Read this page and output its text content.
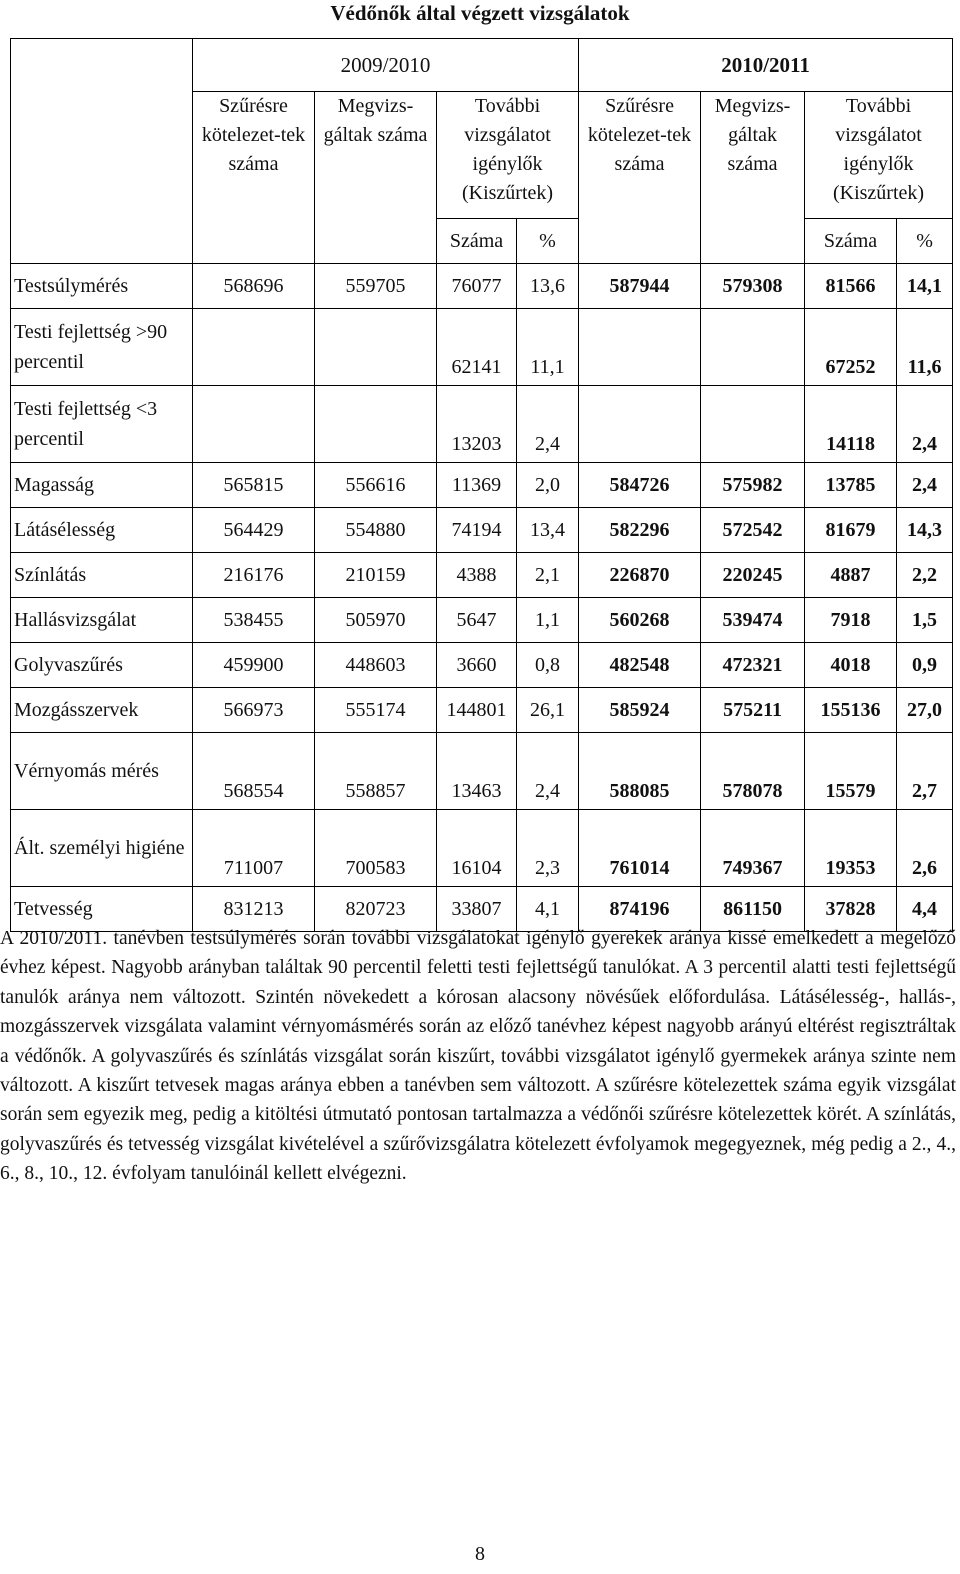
Védőnők által végzett vizsgálatok
	2009/2010				2010/2011			
	Szűrésre kötelezet-tek száma	Megvizs-gáltak száma	További vizsgálatot igénylők (Kiszűrtek)		Szűrésre kötelezet-tek száma	Megvizs-gáltak száma	További vizsgálatot igénylők (Kiszűrtek)	
			Száma	%			Száma	%
Testsúlymérés	568696	559705	76077	13,6	587944	579308	81566	14,1
Testi fejlettség >90 percentil			62141	11,1			67252	11,6
Testi fejlettség <3 percentil			13203	2,4			14118	2,4
Magasság	565815	556616	11369	2,0	584726	575982	13785	2,4
Látásélesség	564429	554880	74194	13,4	582296	572542	81679	14,3
Színlátás	216176	210159	4388	2,1	226870	220245	4887	2,2
Hallásvizsgálat	538455	505970	5647	1,1	560268	539474	7918	1,5
Golyvaszűrés	459900	448603	3660	0,8	482548	472321	4018	0,9
Mozgásszervek	566973	555174	144801	26,1	585924	575211	155136	27,0
Vérnyomás mérés	568554	558857	13463	2,4	588085	578078	15579	2,7
Ált. személyi higiéne	711007	700583	16104	2,3	761014	749367	19353	2,6
Tetvesség	831213	820723	33807	4,1	874196	861150	37828	4,4
A 2010/2011. tanévben testsúlymérés során további vizsgálatokat igénylő gyerekek aránya kissé emelkedett a megelőző évhez képest. Nagyobb arányban találtak 90 percentil feletti testi fejlettségű tanulókat. A 3 percentil alatti testi fejlettségű tanulók aránya nem változott. Szintén növekedett a kórosan alacsony növésűek előfordulása. Látásélesség-, hallás-, mozgásszervek vizsgálata valamint vérnyomásmérés során az előző tanévhez képest nagyobb arányú eltérést regisztráltak a védőnők. A golyvaszűrés és színlátás vizsgálat során kiszűrt, további vizsgálatot igénylő gyermekek aránya szinte nem változott. A kiszűrt tetvesek magas aránya ebben a tanévben sem változott. A szűrésre kötelezettek száma egyik vizsgálat során sem egyezik meg, pedig a kitöltési útmutató pontosan tartalmazza a védőnői szűrésre kötelezettek körét. A színlátás, golyvaszűrés és tetvesség vizsgálat kivételével a szűrővizsgálatra kötelezett évfolyamok megegyeznek, még pedig a 2., 4., 6., 8., 10., 12. évfolyam tanulóinál kellett elvégezni.
8
